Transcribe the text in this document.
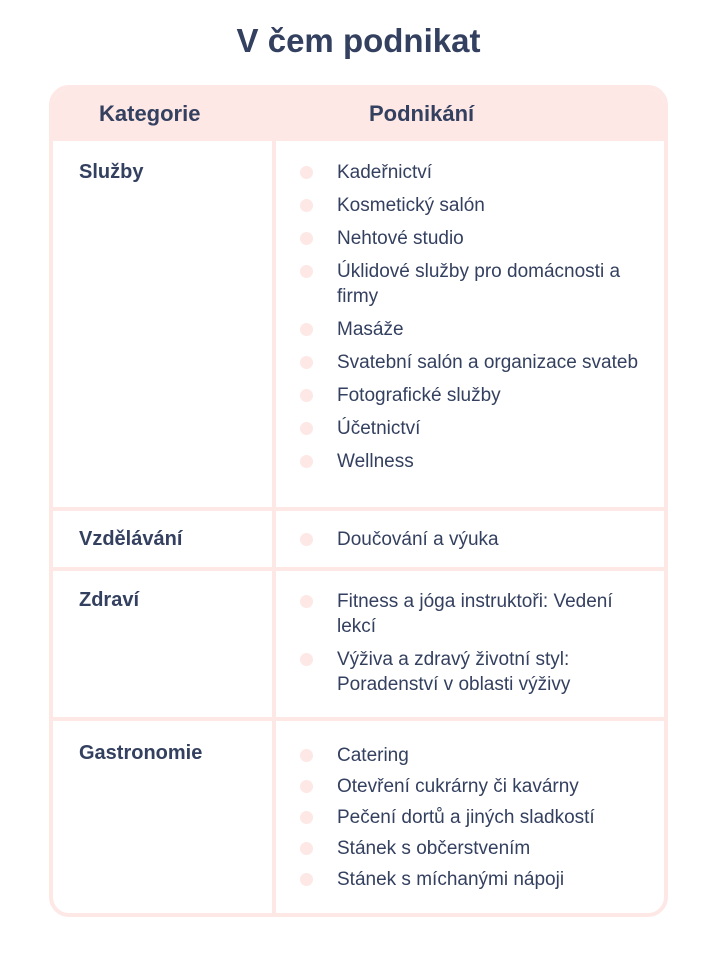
V čem podnikat
Kategorie	Podnikání
Služby	Kadeřnictví
Kosmetický salón
Nehtové studio
Úklidové služby pro domácnosti a firmy
Masáže
Svatební salón a organizace svateb
Fotografické služby
Účetnictví
Wellness
Vzdělávání	Doučování a výuka
Zdraví	Fitness a jóga instruktoři: Vedení lekcí
Výživa a zdravý životní styl: Poradenství v oblasti výživy
Gastronomie	Catering
Otevření cukrárny či kavárny
Pečení dortů a jiných sladkostí
Stánek s občerstvením
Stánek s míchanými nápoji
